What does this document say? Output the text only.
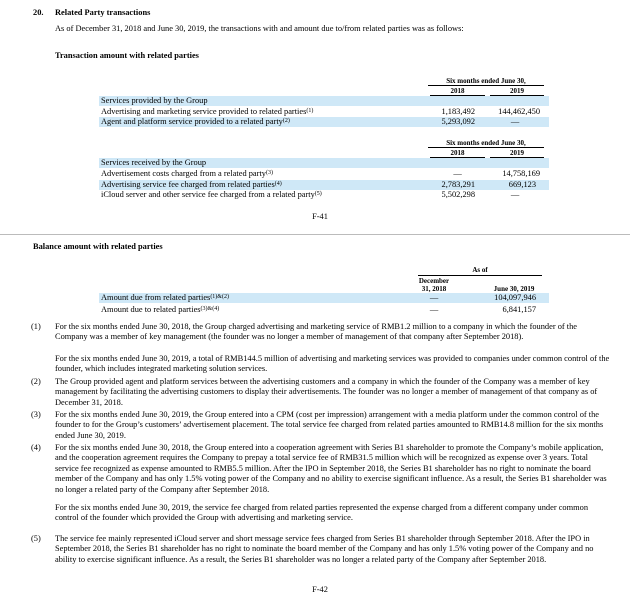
20. Related Party transactions
As of December 31, 2018 and June 30, 2019, the transactions with and amount due to/from related parties was as follows:
Transaction amount with related parties
Six months ended June 30,
2018	2019
Services provided by the Group
Advertising and marketing service provided to related parties$^{(1)}$	1,183,492	144,462,450
Agent and platform service provided to a related party$^{(2)}$	5,293,092	—
Six months ended June 30,
2018	2019
Services received by the Group
Advertisement costs charged from a related party$^{(3)}$	—	14,758,169
Advertising service fee charged from related parties$^{(4)}$	2,783,291	669,123
iCloud server and other service fee charged from a related party$^{(5)}$	5,502,298	—
F-41
Balance amount with related parties
As of
December
31, 2018	June 30, 2019
Amount due from related parties$^{(1)\&(2)}$	—	104,097,946
Amount due to related parties$^{(3)\&(4)}$	—	6,841,157
(1) For the six months ended June 30, 2018, the Group charged advertising and marketing service of RMB1.2 million to a company in which the founder of the Company was a member of key management (the founder was no longer a member of management of that company after September 2018).
For the six months ended June 30, 2019, a total of RMB144.5 million of advertising and marketing services was provided to companies under common control of the founder, which includes integrated marketing solution services.
(2) The Group provided agent and platform services between the advertising customers and a company in which the founder of the Company was a member of key management by facilitating the advertising customers to display their advertisements. The founder was no longer a member of management of that company as of December 31, 2018.
(3) For the six months ended June 30, 2019, the Group entered into a CPM (cost per impression) arrangement with a media platform under the common control of the founder to for the Group’s customers’ advertisement placement. The total service fee charged from related parties amounted to RMB14.8 million for the six months ended June 30, 2019.
(4) For the six months ended June 30, 2018, the Group entered into a cooperation agreement with Series B1 shareholder to promote the Company’s mobile application, and the cooperation agreement requires the Company to prepay a total service fee of RMB31.5 million which will be recognized as expense over 3 years. Total service fee recognized as expense amounted to RMB5.5 million. After the IPO in September 2018, the Series B1 shareholder has no right to nominate the board member of the Company and has only 1.5% voting power of the Company and no ability to exercise significant influence. As a result, the Series B1 shareholder was no longer a related party of the Company after September 2018.
For the six months ended June 30, 2019, the service fee charged from related parties represented the expense charged from a different company under common control of the founder which provided the Group with advertising and marketing service.
(5) The service fee mainly represented iCloud server and short message service fees charged from Series B1 shareholder through September 2018. After the IPO in September 2018, the Series B1 shareholder has no right to nominate the board member of the Company and has only 1.5% voting power of the Company and no ability to exercise significant influence. As a result, the Series B1 shareholder was no longer a related party of the Company after September 2018.
F-42
